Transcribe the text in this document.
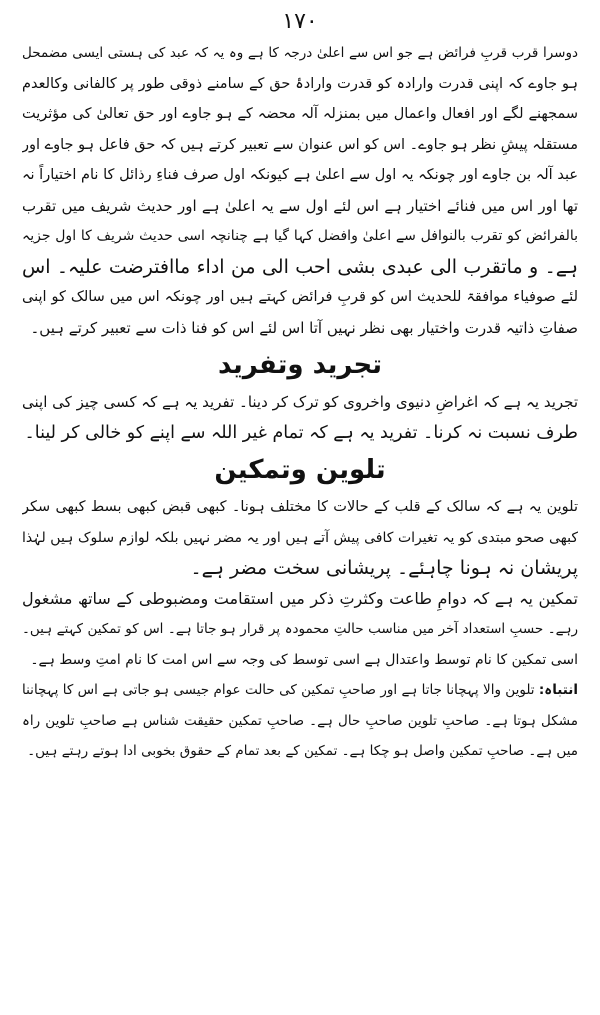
۱۷۰
دوسرا قرب قربِ فرائض ہے جو اس سے اعلیٰ درجہ کا ہے وہ یہ کہ عبد کی ہستی ایسی مضمحل
ہو جاوے کہ اپنی قدرت وارادہ کو قدرت وارادۂ حق کے سامنے ذوقی طور پر کالفانی وکالعدم
سمجھنے لگے اور افعال واعمال میں بمنزلہ آلہ محضہ کے ہو جاوے اور حق تعالیٰ کی مؤثریت
مستقلہ پیشِ نظر ہو جاوے۔ اس کو اس عنوان سے تعبیر کرتے ہیں کہ حق فاعل ہو جاوے اور
عبد آلہ بن جاوے اور چونکہ یہ اول سے اعلیٰ ہے کیونکہ اول صرف فناءِ رذائل کا نام اختیاراً نہ
تھا اور اس میں فنائے اختیار ہے اس لئے اول سے یہ اعلیٰ ہے اور حدیث شریف میں تقرب
بالفرائض کو تقرب بالنوافل سے اعلیٰ وافضل کہا گیا ہے چنانچہ اسی حدیث شریف کا اول جزیہ
ہے۔ و ماتقرب الی عبدی بشی احب الی من اداء ماافترضت علیہ۔ اس
لئے صوفیاء موافقۃ للحدیث اس کو قربِ فرائض کہتے ہیں اور چونکہ اس میں سالک کو اپنی
صفاتِ ذاتیہ قدرت واختیار بھی نظر نہیں آتا اس لئے اس کو فنا ذات سے تعبیر کرتے ہیں۔
تجرید وتفرید
تجرید یہ ہے کہ اغراضِ دنیوی واخروی کو ترک کر دینا۔ تفرید یہ ہے کہ کسی چیز کی اپنی
طرف نسبت نہ کرنا۔ تفرید یہ ہے کہ تمام غیر اللہ سے اپنے کو خالی کر لینا۔
تلوین وتمکین
تلوین یہ ہے کہ سالک کے قلب کے حالات کا مختلف ہونا۔ کبھی قبض کبھی بسط کبھی سکر
کبھی صحو مبتدی کو یہ تغیرات کافی پیش آتے ہیں اور یہ مضر نہیں بلکہ لوازم سلوک ہیں لہٰذا
پریشان نہ ہونا چاہئے۔ پریشانی سخت مضر ہے۔
تمکین یہ ہے کہ دوامِ طاعت وکثرتِ ذکر میں استقامت ومضبوطی کے ساتھ مشغول
رہے۔ حسبِ استعداد آخر میں مناسب حالتِ محمودہ پر قرار ہو جاتا ہے۔ اس کو تمکین کہتے ہیں۔
اسی تمکین کا نام توسط واعتدال ہے اسی توسط کی وجہ سے اس امت کا نام امتِ وسط ہے۔
انتباہ: تلوین والا پہچانا جاتا ہے اور صاحبِ تمکین کی حالت عوام جیسی ہو جاتی ہے اس کا پہچاننا
مشکل ہوتا ہے۔ صاحبِ تلوین صاحبِ حال ہے۔ صاحبِ تمکین حقیقت شناس ہے صاحبِ تلوین راہ
میں ہے۔ صاحبِ تمکین واصل ہو چکا ہے۔ تمکین کے بعد تمام کے حقوق بخوبی ادا ہوتے رہتے ہیں۔
